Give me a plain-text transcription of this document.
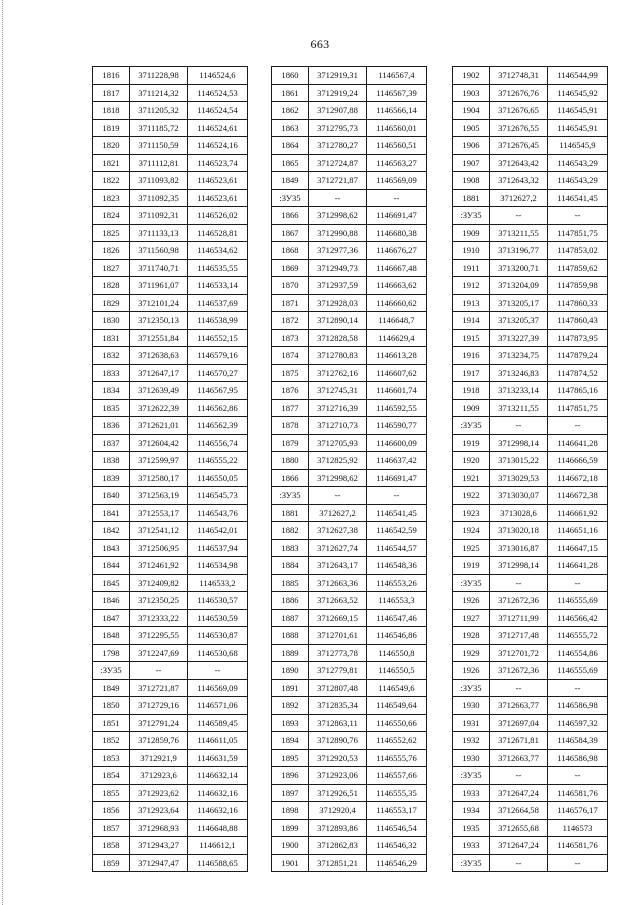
663
1816	3711228,98	1146524,6
1817	3711214,32	1146524,53
1818	3711205,32	1146524,54
1819	3711185,72	1146524,61
1820	3711150,59	1146524,16
1821	3711112,81	1146523,74
1822	3711093,82	1146523,61
1823	3711092,35	1146523,61
1824	3711092,31	1146526,02
1825	3711133,13	1146528,81
1826	3711560,98	1146534,62
1827	3711740,71	1146535,55
1828	3711961,07	1146533,14
1829	3712101,24	1146537,69
1830	3712350,13	1146538,99
1831	3712551,84	1146552,15
1832	3712638,63	1146579,16
1833	3712647,17	1146570,27
1834	3712639,49	1146567,95
1835	3712622,39	1146562,86
1836	3712621,01	1146562,39
1837	3712604,42	1146556,74
1838	3712599,97	1146555,22
1839	3712580,17	1146550,05
1840	3712563,19	1146545,73
1841	3712553,17	1146543,76
1842	3712541,12	1146542,01
1843	3712506,95	1146537,94
1844	3712461,92	1146534,98
1845	3712409,82	1146533,2
1846	3712350,25	1146530,57
1847	3712333,22	1146530,59
1848	3712295,55	1146530,87
1798	3712247,69	1146530,68
:ЗУ35	--	--
1849	3712721,87	1146569,09
1850	3712729,16	1146571,06
1851	3712791,24	1146589,45
1852	3712859,76	1146611,05
1853	3712921,9	1146631,59
1854	3712923,6	1146632,14
1855	3712923,62	1146632,16
1856	3712923,64	1146632,16
1857	3712968,93	1146648,88
1858	3712943,27	1146612,1
1859	3712947,47	1146588,65
1860	3712919,31	1146567,4
1861	3712919,24	1146567,39
1862	3712907,88	1146566,14
1863	3712795,73	1146560,01
1864	3712780,27	1146560,51
1865	3712724,87	1146563,27
1849	3712721,87	1146569,09
:ЗУ35	--	--
1866	3712998,62	1146691,47
1867	3712990,88	1146680,38
1868	3712977,36	1146676,27
1869	3712949,73	1146667,48
1870	3712937,59	1146663,62
1871	3712928,03	1146660,62
1872	3712890,14	1146648,7
1873	3712828,58	1146629,4
1874	3712780,83	1146613,28
1875	3712762,16	1146607,62
1876	3712745,31	1146601,74
1877	3712716,39	1146592,55
1878	3712710,73	1146590,77
1879	3712705,93	1146600,09
1880	3712825,92	1146637,42
1866	3712998,62	1146691,47
:ЗУ35	--	--
1881	3712627,2	1146541,45
1882	3712627,38	1146542,59
1883	3712627,74	1146544,57
1884	3712643,17	1146548,36
1885	3712663,36	1146553,26
1886	3712663,52	1146553,3
1887	3712669,15	1146547,46
1888	3712701,61	1146546,86
1889	3712773,78	1146550,8
1890	3712779,81	1146550,5
1891	3712807,48	1146549,6
1892	3712835,34	1146549,64
1893	3712863,11	1146550,66
1894	3712890,76	1146552,62
1895	3712920,53	1146555,76
1896	3712923,06	1146557,66
1897	3712926,51	1146555,35
1898	3712920,4	1146553,17
1899	3712893,86	1146546,54
1900	3712862,83	1146546,32
1901	3712851,21	1146546,29
1902	3712748,31	1146544,99
1903	3712676,76	1146545,92
1904	3712676,65	1146545,91
1905	3712676,55	1146545,91
1906	3712676,45	1146545,9
1907	3712643,42	1146543,29
1908	3712643,32	1146543,29
1881	3712627,2	1146541,45
:ЗУ35	--	--
1909	3713211,55	1147851,75
1910	3713196,77	1147853,02
1911	3713200,71	1147859,62
1912	3713204,09	1147859,98
1913	3713205,17	1147860,33
1914	3713205,37	1147860,43
1915	3713227,39	1147873,95
1916	3713234,75	1147879,24
1917	3713246,83	1147874,52
1918	3713233,14	1147865,16
1909	3713211,55	1147851,75
:ЗУ35	--	--
1919	3712998,14	1146641,28
1920	3713015,22	1146666,59
1921	3713029,53	1146672,18
1922	3713030,07	1146672,38
1923	3713028,6	1146661,92
1924	3713020,18	1146651,16
1925	3713016,87	1146647,15
1919	3712998,14	1146641,28
:ЗУ35	--	--
1926	3712672,36	1146555,69
1927	3712711,99	1146566,42
1928	3712717,48	1146555,72
1929	3712701,72	1146554,86
1926	3712672,36	1146555,69
:ЗУ35	--	--
1930	3712663,77	1146586,98
1931	3712697,04	1146597,32
1932	3712671,81	1146584,39
1930	3712663,77	1146586,98
:ЗУ35	--	--
1933	3712647,24	1146581,76
1934	3712664,58	1146576,17
1935	3712655,68	1146573
1933	3712647,24	1146581,76
:ЗУ35	--	--
